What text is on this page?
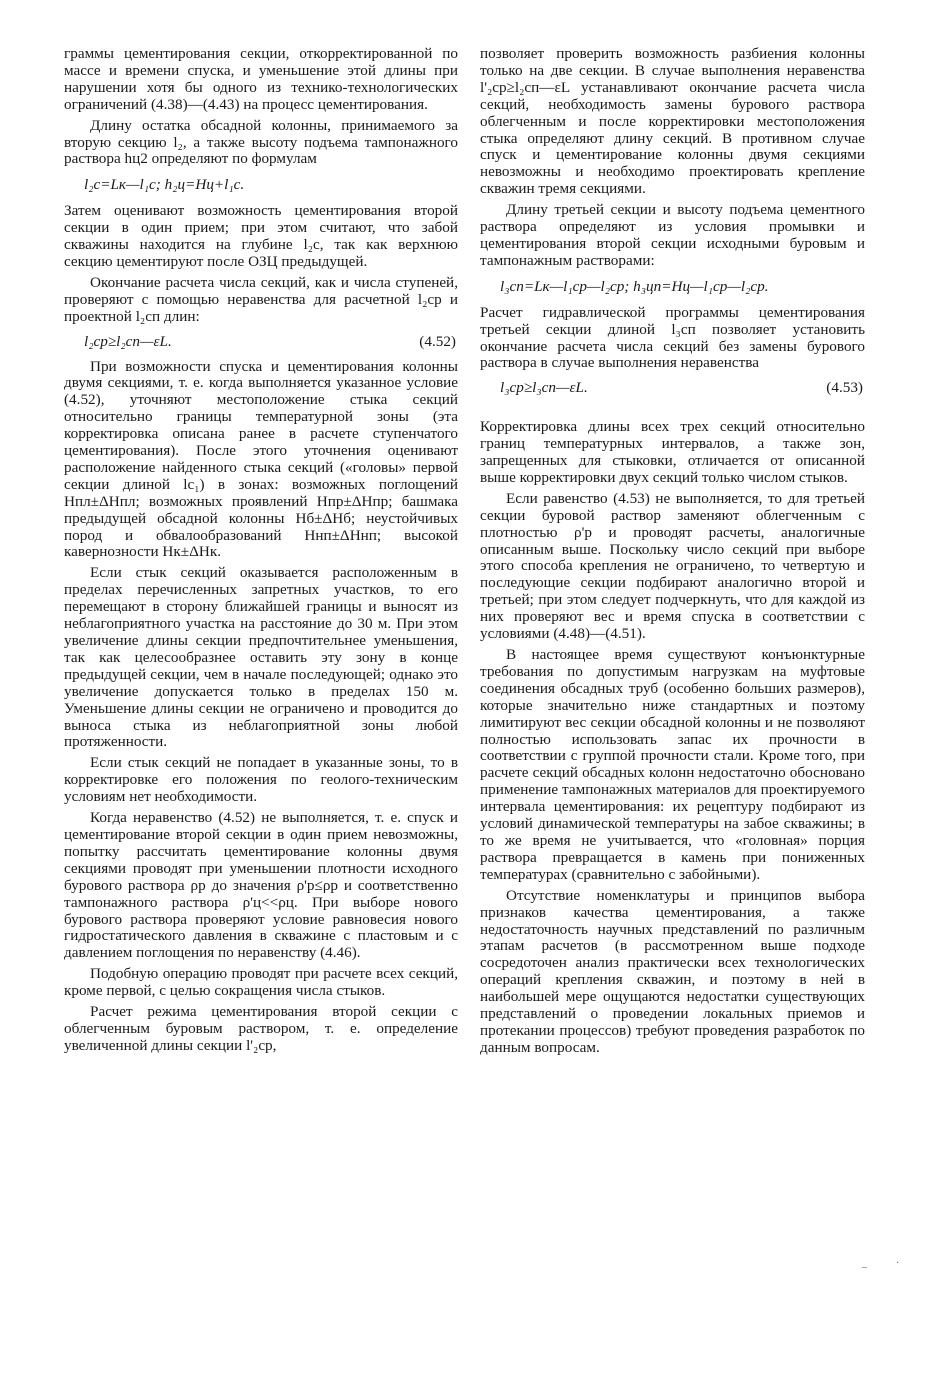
граммы цементирования секции, откорректированной по массе и времени спуска, и уменьшение этой длины при нарушении хотя бы одного из технико-технологических ограничений (4.38)—(4.43) на процесс цементирования.

Длину остатка обсадной колонны, принимаемого за вторую секцию l₂, а также высоту подъема тампонажного раствора hц2 определяют по формулам

l₂с=Lк—l₁с; h₂ц=Hц+l₁с.

Затем оценивают возможность цементирования второй секции в один прием; при этом считают, что забой скважины находится на глубине l₂с, так как верхнюю секцию цементируют после ОЗЦ предыдущей.

Окончание расчета числа секций, как и числа ступеней, проверяют с помощью неравенства для расчетной l₂ср и проектной l₂сп длин:

l₂ср≥l₂сп—εL.	(4.52)

При возможности спуска и цементирования колонны двумя секциями, т. е. когда выполняется указанное условие (4.52), уточняют местоположение стыка секций относительно границы температурной зоны (эта корректировка описана ранее в расчете ступенчатого цементирования). После этого уточнения оценивают расположение найденного стыка секций («головы» первой секции длиной lс₁) в зонах: возможных поглощений Hпл±ΔHпл; возможных проявлений Hпр±ΔHпр; башмака предыдущей обсадной колонны Hб±ΔHб; неустойчивых пород и обвалообразований Hнп±ΔHнп; высокой кавернозности Hк±ΔHк.

Если стык секций оказывается расположенным в пределах перечисленных запретных участков, то его перемещают в сторону ближайшей границы и выносят из неблагоприятного участка на расстояние до 30 м. При этом увеличение длины секции предпочтительнее уменьшения, так как целесообразнее оставить эту зону в конце предыдущей секции, чем в начале последующей; однако это увеличение допускается только в пределах 150 м. Уменьшение длины секции не ограничено и проводится до выноса стыка из неблагоприятной зоны любой протяженности.

Если стык секций не попадает в указанные зоны, то в корректировке его положения по геолого-техническим условиям нет необходимости.

Когда неравенство (4.52) не выполняется, т. е. спуск и цементирование второй секции в один прием невозможны, попытку рассчитать цементирование колонны двумя секциями проводят при уменьшении плотности исходного бурового раствора ρр до значения ρ'р≤ρр и соответственно тампонажного раствора ρ'ц<<ρц. При выборе нового бурового раствора проверяют условие равновесия нового гидростатического давления в скважине с пластовым и с давлением поглощения по неравенству (4.46).

Подобную операцию проводят при расчете всех секций, кроме первой, с целью сокращения числа стыков.

Расчет режима цементирования второй секции с облегченным буровым раствором, т. е. определение увеличенной длины секции l'₂ср,

позволяет проверить возможность разбиения колонны только на две секции. В случае выполнения неравенства l'₂ср≥l₂сп—εL устанавливают окончание расчета числа секций, необходимость замены бурового раствора облегченным и после корректировки местоположения стыка определяют длину секций. В противном случае спуск и цементирование колонны двумя секциями невозможны и необходимо проектировать крепление скважин тремя секциями.

Длину третьей секции и высоту подъема цементного раствора определяют из условия промывки и цементирования второй секции исходными буровым и тампонажным растворами:

l₃сп=Lк—l₁ср—l₂ср; h₃цп=Hц—l₁ср—l₂ср.

Расчет гидравлической программы цементирования третьей секции длиной l₃сп позволяет установить окончание расчета числа секций без замены бурового раствора в случае выполнения неравенства

l₃ср≥l₃сп—εL.	(4.53)

Корректировка длины всех трех секций относительно границ температурных интервалов, а также зон, запрещенных для стыковки, отличается от описанной выше корректировки двух секций только числом стыков.

Если равенство (4.53) не выполняется, то для третьей секции буровой раствор заменяют облегченным с плотностью ρ'р и проводят расчеты, аналогичные описанным выше. Поскольку число секций при выборе этого способа крепления не ограничено, то четвертую и последующие секции подбирают аналогично второй и третьей; при этом следует подчеркнуть, что для каждой из них проверяют вес и время спуска в соответствии с условиями (4.48)—(4.51).

В настоящее время существуют конъюнктурные требования по допустимым нагрузкам на муфтовые соединения обсадных труб (особенно больших размеров), которые значительно ниже стандартных и поэтому лимитируют вес секции обсадной колонны и не позволяют полностью использовать запас их прочности в соответствии с группой прочности стали. Кроме того, при расчете секций обсадных колонн недостаточно обосновано применение тампонажных материалов для проектируемого интервала цементирования: их рецептуру подбирают из условий динамической температуры на забое скважины; в то же время не учитывается, что «головная» порция раствора превращается в камень при пониженных температурах (сравнительно с забойными).

Отсутствие номенклатуры и принципов выбора признаков качества цементирования, а также недостаточность научных представлений по различным этапам расчетов (в рассмотренном выше подходе сосредоточен анализ практически всех технологических операций крепления скважин, и поэтому в ней в наибольшей мере ощущаются недостатки существующих представлений о проведении локальных приемов и протекании процессов) требуют проведения разработок по данным вопросам.

–	·
